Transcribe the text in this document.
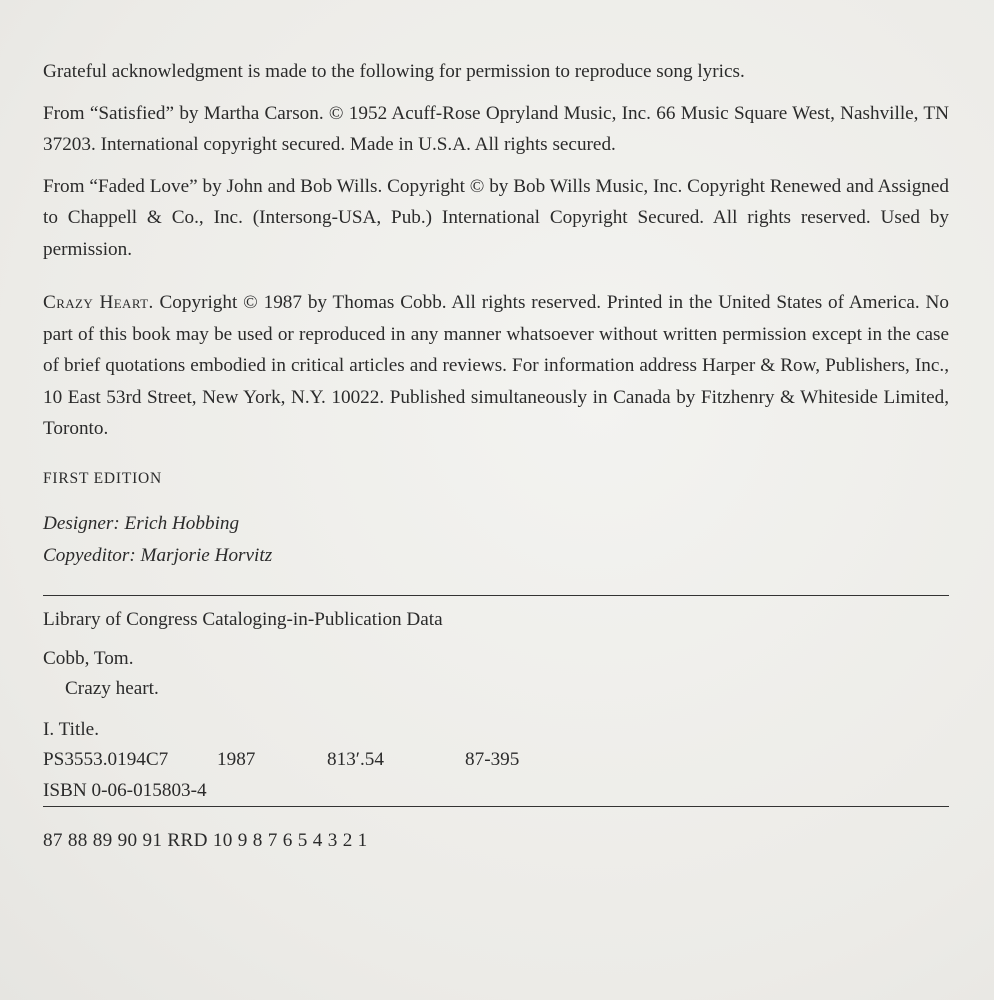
Grateful acknowledgment is made to the following for permission to reproduce song lyrics.

From “Satisfied” by Martha Carson. © 1952 Acuff-Rose Opryland Music, Inc. 66 Music Square West, Nashville, TN 37203. International copyright secured. Made in U.S.A. All rights secured.

From “Faded Love” by John and Bob Wills. Copyright © by Bob Wills Music, Inc. Copyright Renewed and Assigned to Chappell & Co., Inc. (Intersong-USA, Pub.) International Copyright Secured. All rights reserved. Used by permission.

Crazy Heart. Copyright © 1987 by Thomas Cobb. All rights reserved. Printed in the United States of America. No part of this book may be used or reproduced in any manner whatsoever without written permission except in the case of brief quotations embodied in critical articles and reviews. For information address Harper & Row, Publishers, Inc., 10 East 53rd Street, New York, N.Y. 10022. Published simultaneously in Canada by Fitzhenry & Whiteside Limited, Toronto.

FIRST EDITION

Designer: Erich Hobbing

Copyeditor: Marjorie Horvitz

Library of Congress Cataloging-in-Publication Data

Cobb, Tom.

Crazy heart.

I. Title.

PS3553.0194C7	1987	813′.54	87-395

ISBN 0-06-015803-4

87 88 89 90 91 RRD 10 9 8 7 6 5 4 3 2 1
